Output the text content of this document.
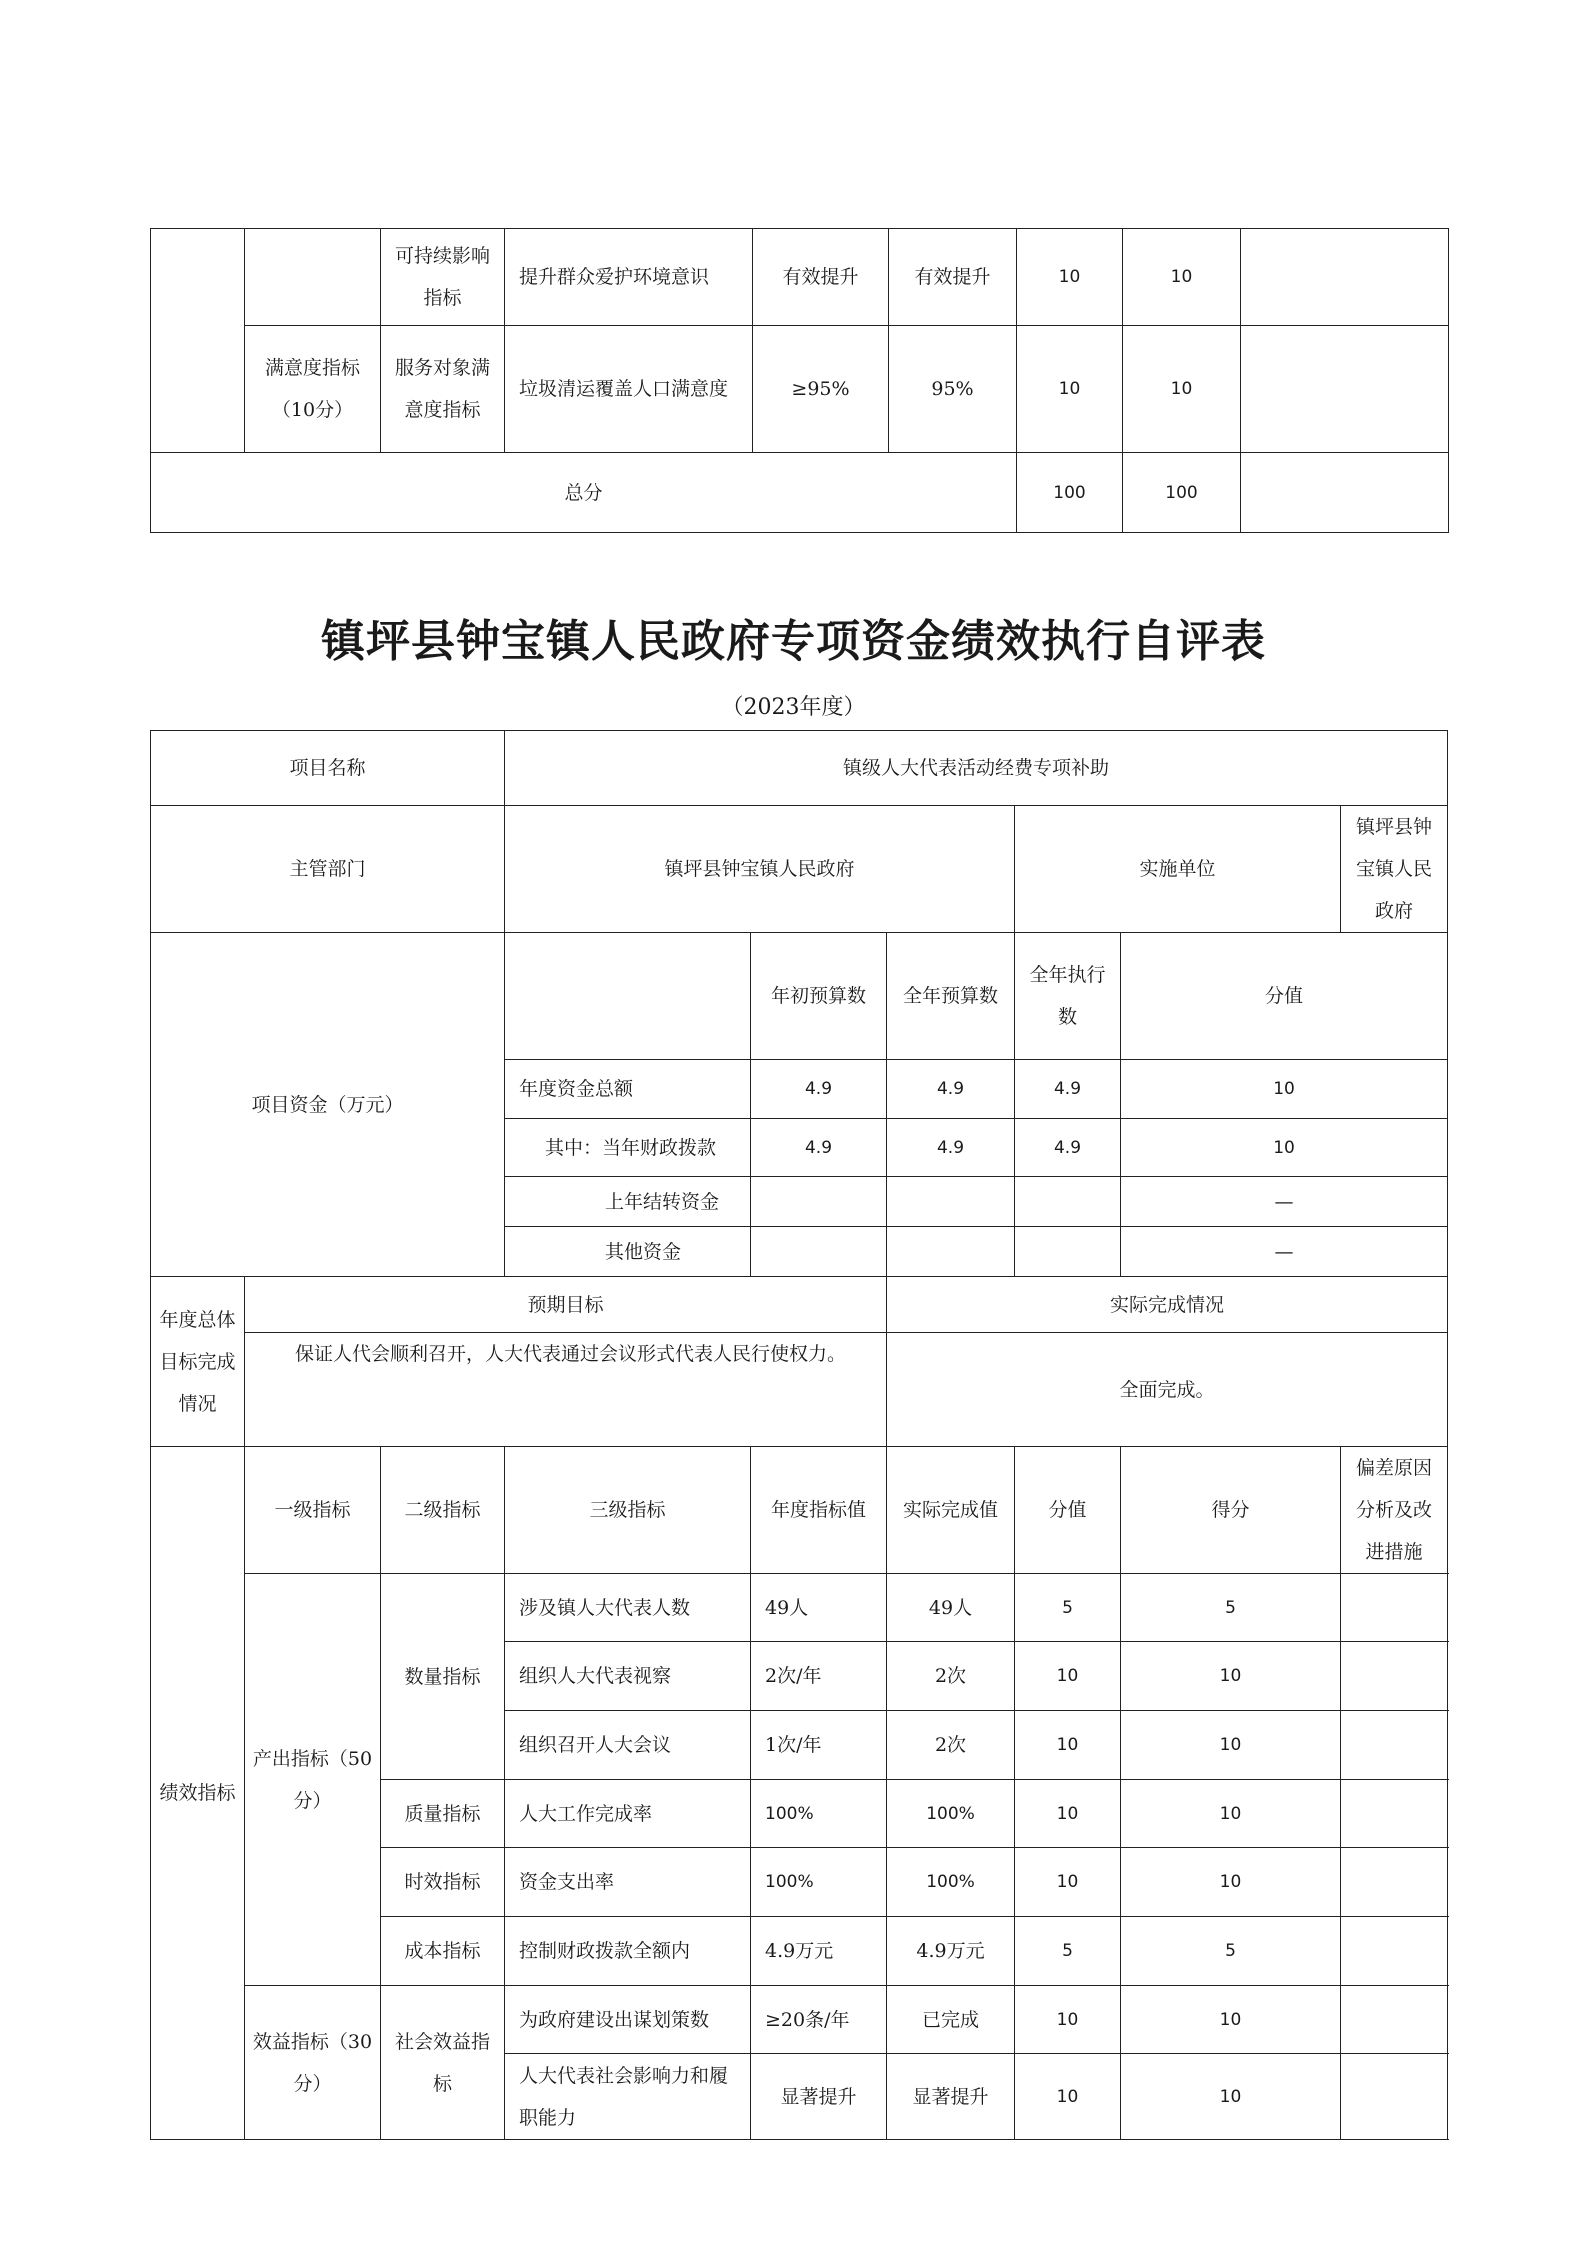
		可持续影响指标	提升群众爱护环境意识	有效提升	有效提升	10	10	
	满意度指标（10分）	服务对象满意度指标	垃圾清运覆盖人口满意度	≥95%	95%	10	10	
总分						100	100	
镇坪县钟宝镇人民政府专项资金绩效执行自评表

（2023年度）

项目名称			镇级人大代表活动经费专项补助						
主管部门			镇坪县钟宝镇人民政府			实施单位		镇坪县钟宝镇人民政府	
项目资金（万元）				年初预算数	全年预算数	全年执行数	分值		
			年度资金总额	4.9	4.9	4.9	10		
			其中：当年财政拨款	4.9	4.9	4.9	10		
			上年结转资金				—		
			其他资金				—		
年度总体目标完成情况	预期目标				实际完成情况				
	保证人代会顺利召开，人大代表通过会议形式代表人民行使权力。				全面完成。				
绩效指标	一级指标	二级指标	三级指标	年度指标值	实际完成值	分值	得分	偏差原因分析及改进措施	
	产出指标（50分）	数量指标	涉及镇人大代表人数	49人	49人	5	5		
			组织人大代表视察	2次/年	2次	10	10		
			组织召开人大会议	1次/年	2次	10	10		
		质量指标	人大工作完成率	100%	100%	10	10		
		时效指标	资金支出率	100%	100%	10	10		
		成本指标	控制财政拨款全额内	4.9万元	4.9万元	5	5		
	效益指标（30分）	社会效益指标	为政府建设出谋划策数	≥20条/年	已完成	10	10		
			人大代表社会影响力和履职能力	显著提升	显著提升	10	10		
